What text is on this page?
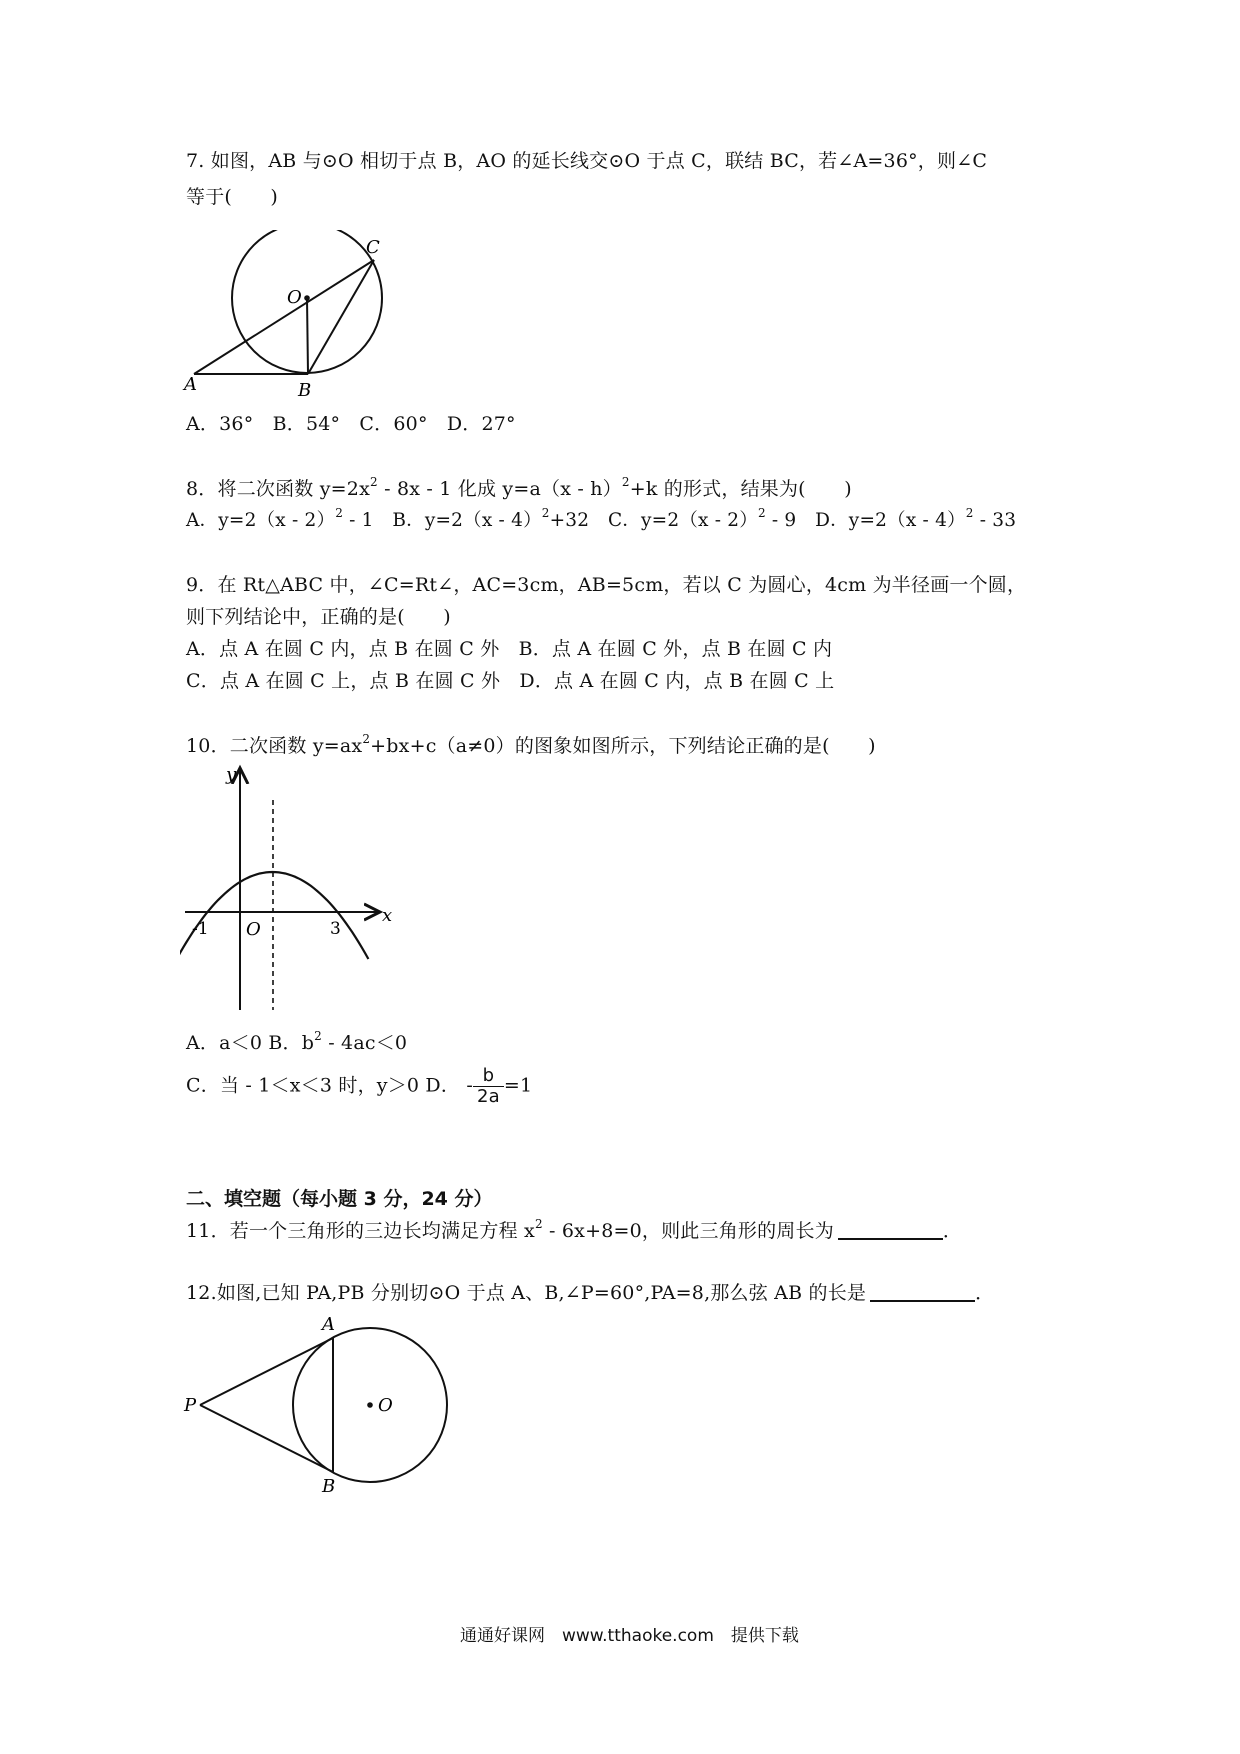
7. 如图，AB 与⊙O 相切于点 B，AO 的延长线交⊙O 于点 C，联结 BC，若∠A=36°，则∠C
等于(　　)
O
C
A	B
A．36°　B．54°　C．60°　D．27°
8．将二次函数 $y=2x^2 - 8x - 1$ 化成 y=a（x - h）$^2$+k 的形式，结果为(　　)
A．y=2（x - 2）$^2$ - 1　B．y=2（x - 4）$^2$+32　C．y=2（x - 2）$^2$ - 9　D．y=2（x - 4）$^2$ - 33
9．在 Rt△ABC 中，∠C=Rt∠，AC=3cm，AB=5cm，若以 C 为圆心，4cm 为半径画一个圆，
则下列结论中，正确的是(　　)
A．点 A 在圆 C 内，点 B 在圆 C 外　B．点 A 在圆 C 外，点 B 在圆 C 内
C．点 A 在圆 C 上，点 B 在圆 C 外　D．点 A 在圆 C 内，点 B 在圆 C 上
10．二次函数 $y=ax^2+bx+c(a\ne 0)$的图象如图所示，下列结论正确的是(　　)
y
x
O
-1	3
A．a＜0 B．$b^2 - 4ac<0$
C．当 - 1＜x＜3 时，y＞0 D． - $\frac{b}{2a} =1$
二、填空题（每小题 3 分，24 分）
11．若一个三角形的三边长均满足方程 $x^2 - 6x+8=0$，则此三角形的周长为	．
12.如图,已知 PA,PB 分别切⊙O 于点 A、B,∠P=60°,PA=8,那么弦 AB 的长是	．
O
P
A
B
通通好课网　www.tthaoke.com　提供下载
